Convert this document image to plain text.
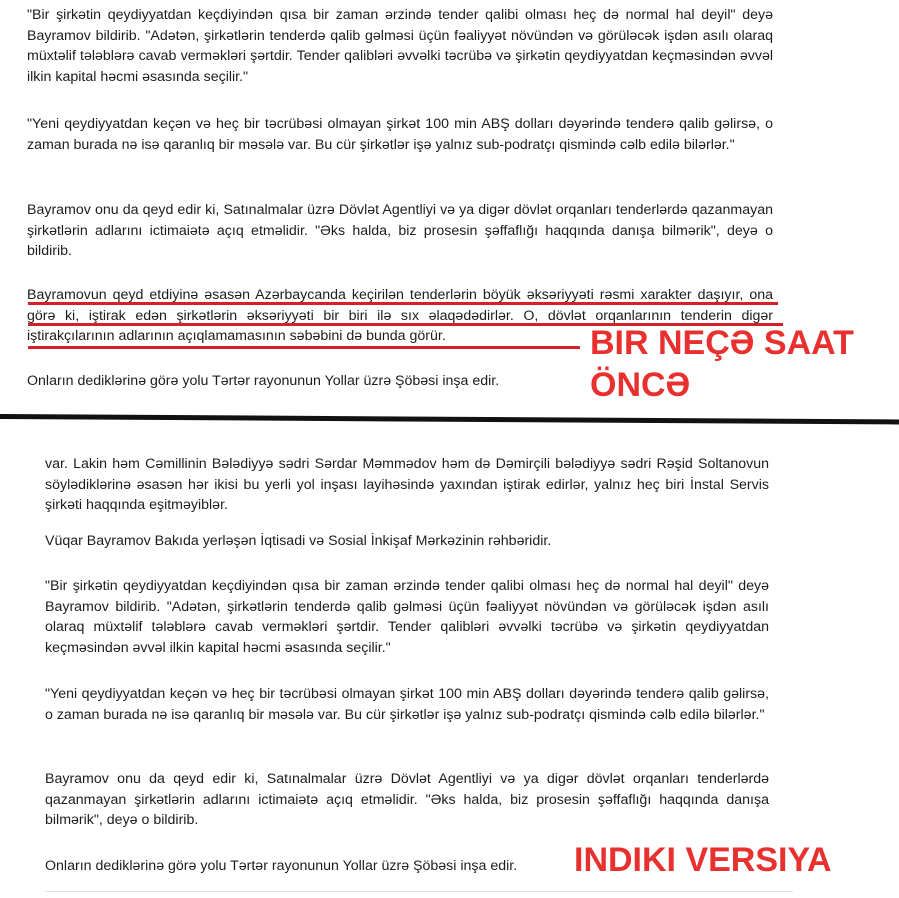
"Bir şirkətin qeydiyyatdan keçdiyindən qısa bir zaman ərzində tender qalibi olması heç də normal hal deyil" deyə Bayramov bildirib. "Adətən, şirkətlərin tenderdə qalib gəlməsi üçün fəaliyyət növündən və görüləcək işdən asılı olaraq müxtəlif tələblərə cavab verməkləri şərtdir. Tender qalibləri əvvəlki təcrübə və şirkətin qeydiyyatdan keçməsindən əvvəl ilkin kapital həcmi əsasında seçilir."

"Yeni qeydiyyatdan keçən və heç bir təcrübəsi olmayan şirkət 100 min ABŞ dolları dəyərində tenderə qalib gəlirsə, o zaman burada nə isə qaranlıq bir məsələ var. Bu cür şirkətlər işə yalnız sub-podratçı qismində cəlb edilə bilərlər."

Bayramov onu da qeyd edir ki, Satınalmalar üzrə Dövlət Agentliyi və ya digər dövlət orqanları tenderlərdə qazanmayan şirkətlərin adlarını ictimaiətə açıq etməlidir. "Əks halda, biz prosesin şəffaflığı haqqında danışa bilmərik", deyə o bildirib.

Bayramovun qeyd etdiyinə əsasən Azərbaycanda keçirilən tenderlərin böyük əksəriyyəti rəsmi xarakter daşıyır, ona görə ki, iştirak edən şirkətlərin əksəriyyəti bir biri ilə sıx əlaqədədirlər. O, dövlət orqanlarının tenderin digər iştirakçılarının adlarının açıqlamamasının səbəbini də bunda görür.

Onların dediklərinə görə yolu Tərtər rayonunun Yollar üzrə Şöbəsi inşa edir.

BIR NEÇƏ SAAT ÖNCƏ

var. Lakin həm Cəmillinin Bələdiyyə sədri Sərdar Məmmədov həm də Dəmirçili bələdiyyə sədri Rəşid Soltanovun söylədiklərinə əsasən hər ikisi bu yerli yol inşası layihəsində yaxından iştirak edirlər, yalnız heç biri İnstal Servis şirkəti haqqında eşitməyiblər.

Vüqar Bayramov Bakıda yerləşən İqtisadi və Sosial İnkişaf Mərkəzinin rəhbəridir.

"Bir şirkətin qeydiyyatdan keçdiyindən qısa bir zaman ərzində tender qalibi olması heç də normal hal deyil" deyə Bayramov bildirib. "Adətən, şirkətlərin tenderdə qalib gəlməsi üçün fəaliyyət növündən və görüləcək işdən asılı olaraq müxtəlif tələblərə cavab verməkləri şərtdir. Tender qalibləri əvvəlki təcrübə və şirkətin qeydiyyatdan keçməsindən əvvəl ilkin kapital həcmi əsasında seçilir."

"Yeni qeydiyyatdan keçən və heç bir təcrübəsi olmayan şirkət 100 min ABŞ dolları dəyərində tenderə qalib gəlirsə, o zaman burada nə isə qaranlıq bir məsələ var. Bu cür şirkətlər işə yalnız sub-podratçı qismində cəlb edilə bilərlər."

Bayramov onu da qeyd edir ki, Satınalmalar üzrə Dövlət Agentliyi və ya digər dövlət orqanları tenderlərdə qazanmayan şirkətlərin adlarını ictimaiətə açıq etməlidir. "Əks halda, biz prosesin şəffaflığı haqqında danışa bilmərik", deyə o bildirib.

Onların dediklərinə görə yolu Tərtər rayonunun Yollar üzrə Şöbəsi inşa edir.	INDIKI VERSIYA
